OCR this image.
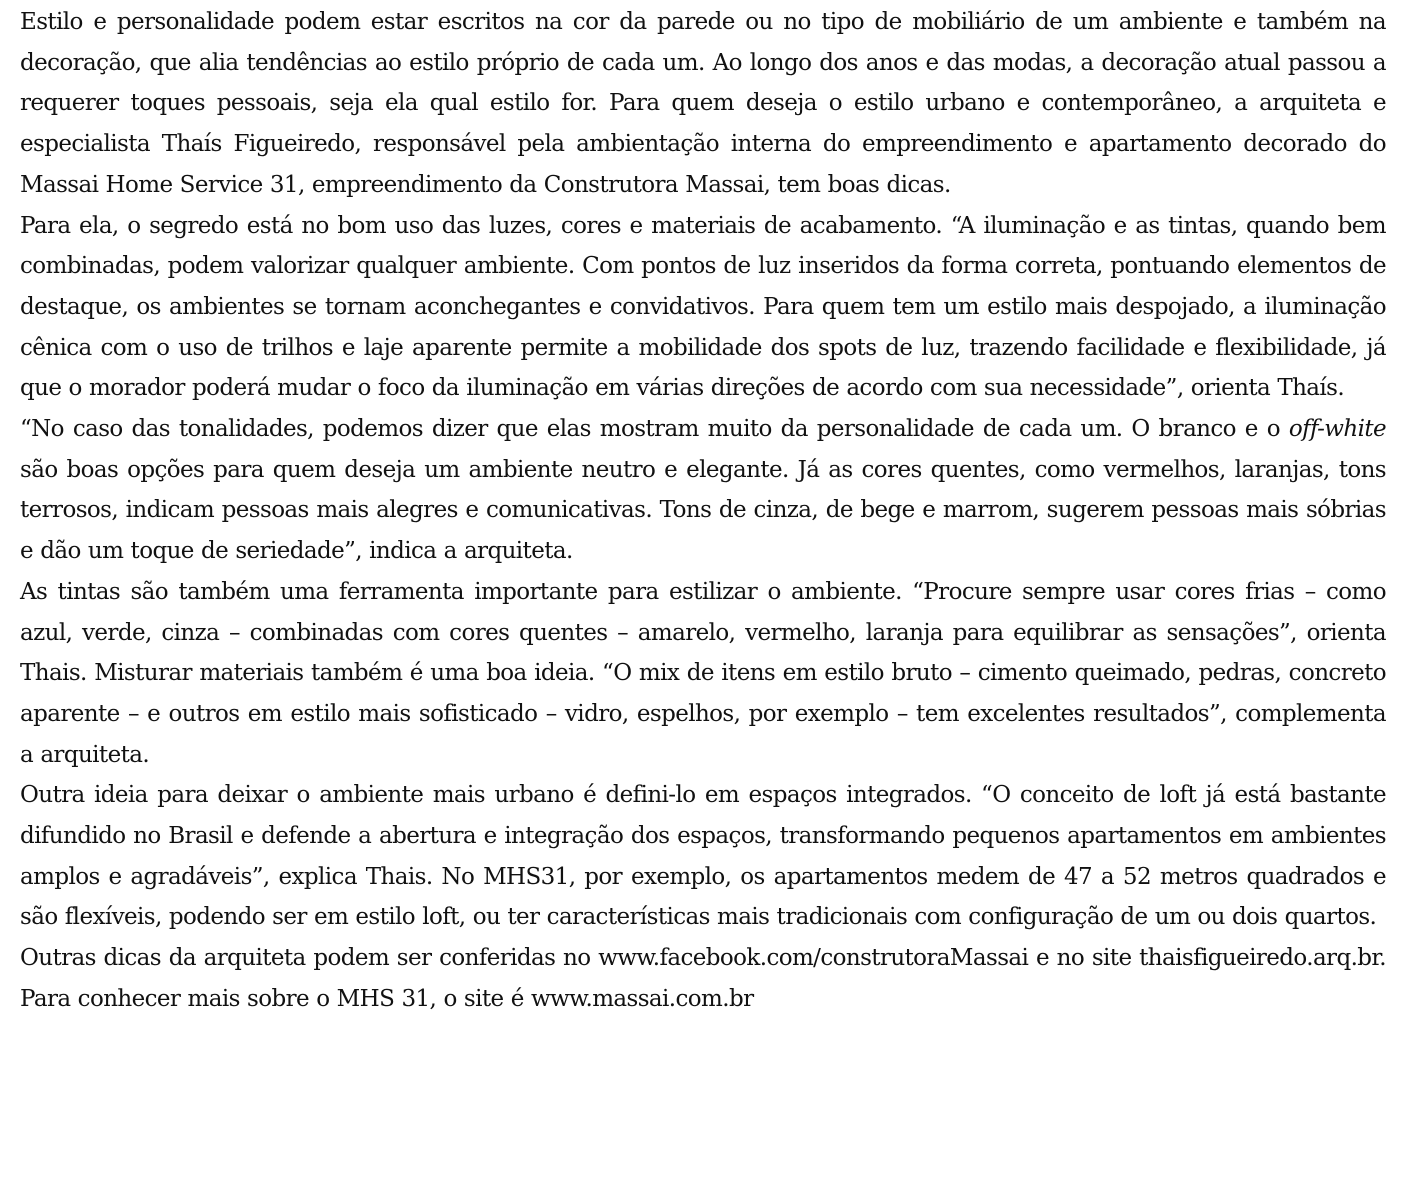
Estilo e personalidade podem estar escritos na cor da parede ou no tipo de mobiliário de um ambiente e também na decoração, que alia tendências ao estilo próprio de cada um. Ao longo dos anos e das modas, a decoração atual passou a requerer toques pessoais, seja ela qual estilo for. Para quem deseja o estilo urbano e contemporâneo, a arquiteta e especialista Thaís Figueiredo, responsável pela ambientação interna do empreendimento e apartamento decorado do Massai Home Service 31, empreendimento da Construtora Massai, tem boas dicas.

Para ela, o segredo está no bom uso das luzes, cores e materiais de acabamento. “A iluminação e as tintas, quando bem combinadas, podem valorizar qualquer ambiente. Com pontos de luz inseridos da forma correta, pontuando elementos de destaque, os ambientes se tornam aconchegantes e convidativos. Para quem tem um estilo mais despojado, a iluminação cênica com o uso de trilhos e laje aparente permite a mobilidade dos spots de luz, trazendo facilidade e flexibilidade, já que o morador poderá mudar o foco da iluminação em várias direções de acordo com sua necessidade”, orienta Thaís.

“No caso das tonalidades, podemos dizer que elas mostram muito da personalidade de cada um. O branco e o off-white são boas opções para quem deseja um ambiente neutro e elegante. Já as cores quentes, como vermelhos, laranjas, tons terrosos, indicam pessoas mais alegres e comunicativas. Tons de cinza, de bege e marrom, sugerem pessoas mais sóbrias e dão um toque de seriedade”, indica a arquiteta.

As tintas são também uma ferramenta importante para estilizar o ambiente. “Procure sempre usar cores frias – como azul, verde, cinza – combinadas com cores quentes – amarelo, vermelho, laranja para equilibrar as sensações”, orienta Thais. Misturar materiais também é uma boa ideia. “O mix de itens em estilo bruto – cimento queimado, pedras, concreto aparente – e outros em estilo mais sofisticado – vidro, espelhos, por exemplo – tem excelentes resultados”, complementa a arquiteta.

Outra ideia para deixar o ambiente mais urbano é defini-lo em espaços integrados. “O conceito de loft já está bastante difundido no Brasil e defende a abertura e integração dos espaços, transformando pequenos apartamentos em ambientes amplos e agradáveis”, explica Thais. No MHS31, por exemplo, os apartamentos medem de 47 a 52 metros quadrados e são flexíveis, podendo ser em estilo loft, ou ter características mais tradicionais com configuração de um ou dois quartos.

Outras dicas da arquiteta podem ser conferidas no www.facebook.com/construtoraMassai e no site thaisfigueiredo.arq.br. Para conhecer mais sobre o MHS 31, o site é www.massai.com.br
